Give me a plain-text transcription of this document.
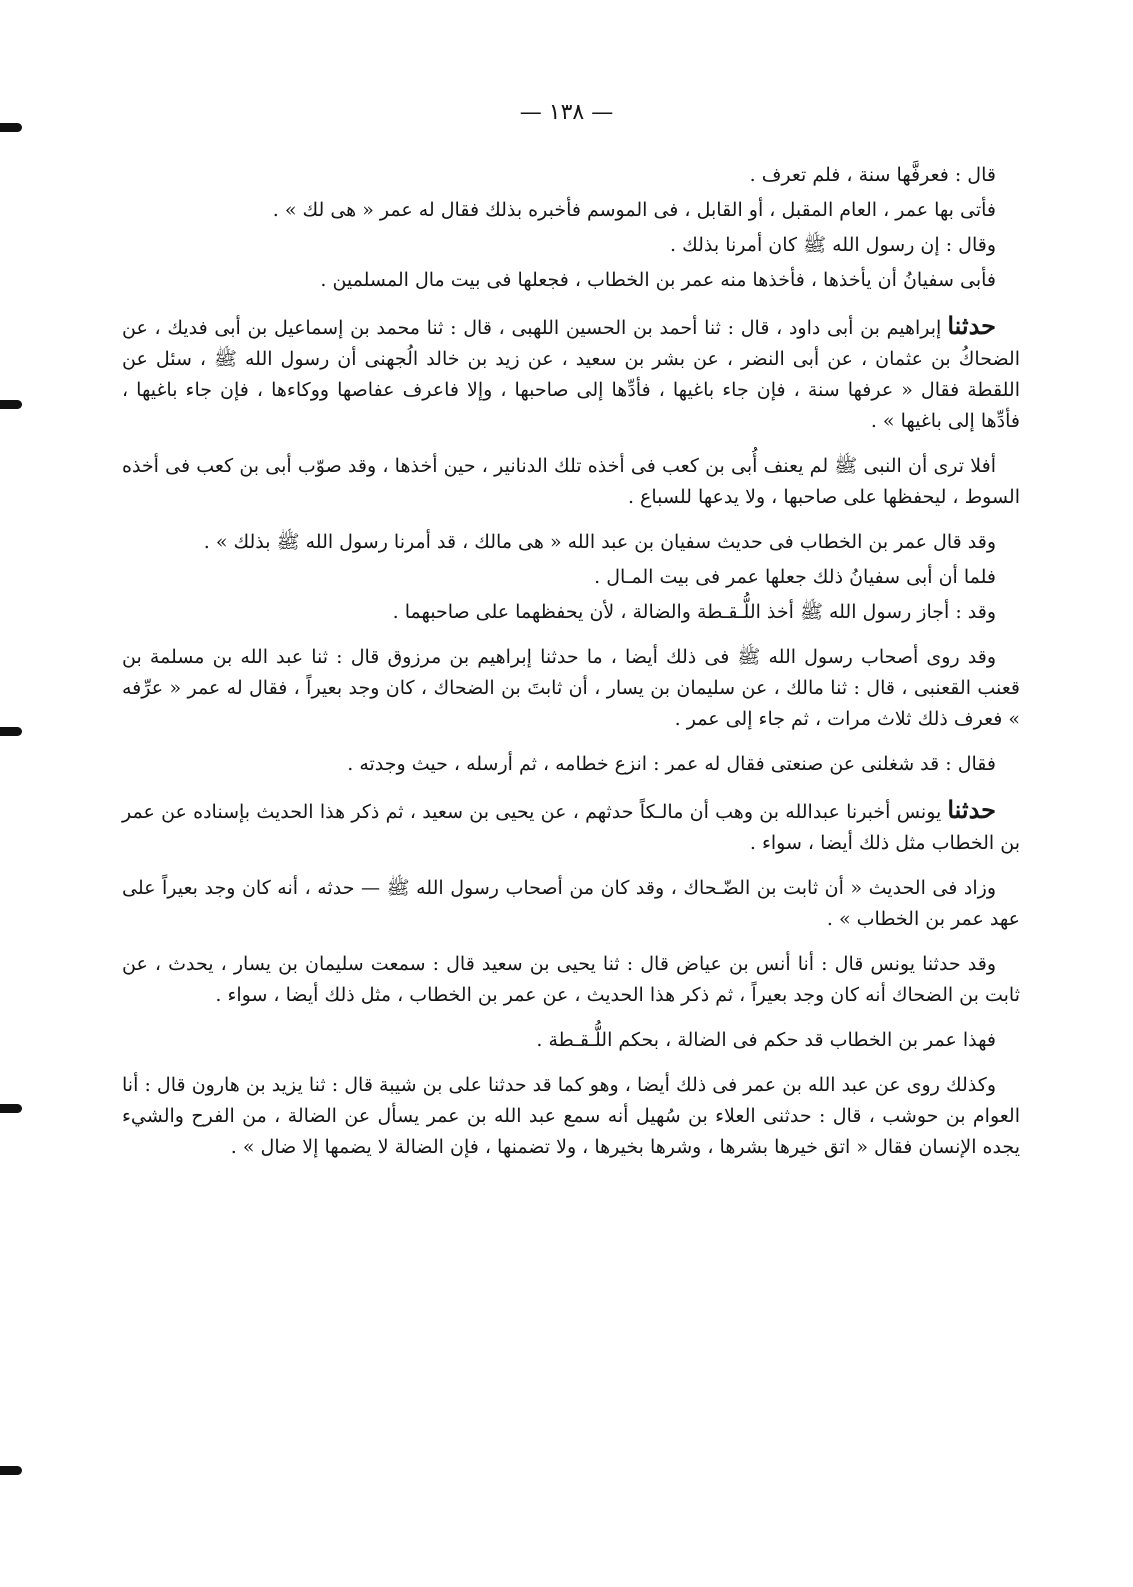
— ١٣٨ —

قال : فعرفَّها سنة ، فلم تعرف .

فأتى بها عمر ، العام المقبل ، أو القابل ، فى الموسم فأخبره بذلك فقال له عمر « هى لك » .

وقال : إن رسول الله ﷺ كان أمرنا بذلك .

فأبى سفيانُ أن يأخذها ، فأخذها منه عمر بن الخطاب ، فجعلها فى بيت مال المسلمين .

حدثناإبراهيم بن أبى داود ، قال : ثنا أحمد بن الحسين اللهبى ، قال : ثنا محمد بن إسماعيل بن أبى فديك ، عن الضحاكُ بن عثمان ، عن أبى النضر ، عن بشر بن سعيد ، عن زيد بن خالد الُجهنى أن رسول الله ﷺ ، سئل عن اللقطة فقال « عرفها سنة ، فإن جاء باغيها ، فأدِّها إلى صاحبها ، وإلا فاعرف عفاصها ووكاءها ، فإن جاء باغيها ، فأدِّها إلى باغيها » .

أفلا ترى أن النبى ﷺ لم يعنف أُبى بن كعب فى أخذه تلك الدنانير ، حين أخذها ، وقد صوّب أبى بن كعب فى أخذه السوط ، ليحفظها على صاحبها ، ولا يدعها للسباع .

وقد قال عمر بن الخطاب فى حديث سفيان بن عبد الله « هى مالك ، قد أمرنا رسول الله ﷺ بذلك » .

فلما أن أبى سفيانُ ذلك جعلها عمر فى بيت المـال .

وقد : أجاز رسول الله ﷺ أخذ اللُّـقـطة والضالة ، لأن يحفظهما على صاحبهما .

وقد روى أصحاب رسول الله ﷺ فى ذلك أيضا ، ما حدثنا إبراهيم بن مرزوق قال : ثنا عبد الله بن مسلمة بن قعنب القعنبى ، قال : ثنا مالك ، عن سليمان بن يسار ، أن ثابتَ بن الضحاك ، كان وجد بعيراً ، فقال له عمر « عرِّفه » فعرف ذلك ثلاث مرات ، ثم جاء إلى عمر .

فقال : قد شغلنى عن صنعتى فقال له عمر : انزع خطامه ، ثم أرسله ، حيث وجدته .

حدثنايونس أخبرنا عبدالله بن وهب أن مالـكاً حدثهم ، عن يحيى بن سعيد ، ثم ذكر هذا الحديث بإسناده عن عمر بن الخطاب مثل ذلك أيضا ، سواء .

وزاد فى الحديث « أن ثابت بن الضّـحاك ، وقد كان من أصحاب رسول الله ﷺ — حدثه ، أنه كان وجد بعيراً على عهد عمر بن الخطاب » .

وقد حدثنا يونس قال : أنا أنس بن عياض قال : ثنا يحيى بن سعيد قال : سمعت سليمان بن يسار ، يحدث ، عن ثابت بن الضحاك أنه كان وجد بعيراً ، ثم ذكر هذا الحديث ، عن عمر بن الخطاب ، مثل ذلك أيضا ، سواء .

فهذا عمر بن الخطاب قد حكم فى الضالة ، بحكم اللُّـقـطة .

وكذلك روى عن عبد الله بن عمر فى ذلك أيضا ، وهو كما قد حدثنا على بن شيبة قال : ثنا يزيد بن هارون قال : أنا العوام بن حوشب ، قال : حدثنى العلاء بن سُهيل أنه سمع عبد الله بن عمر يسأل عن الضالة ، من الفرح والشيء يجده الإنسان فقال « اتق خيرها بشرها ، وشرها بخيرها ، ولا تضمنها ، فإن الضالة لا يضمها إلا ضال » .
